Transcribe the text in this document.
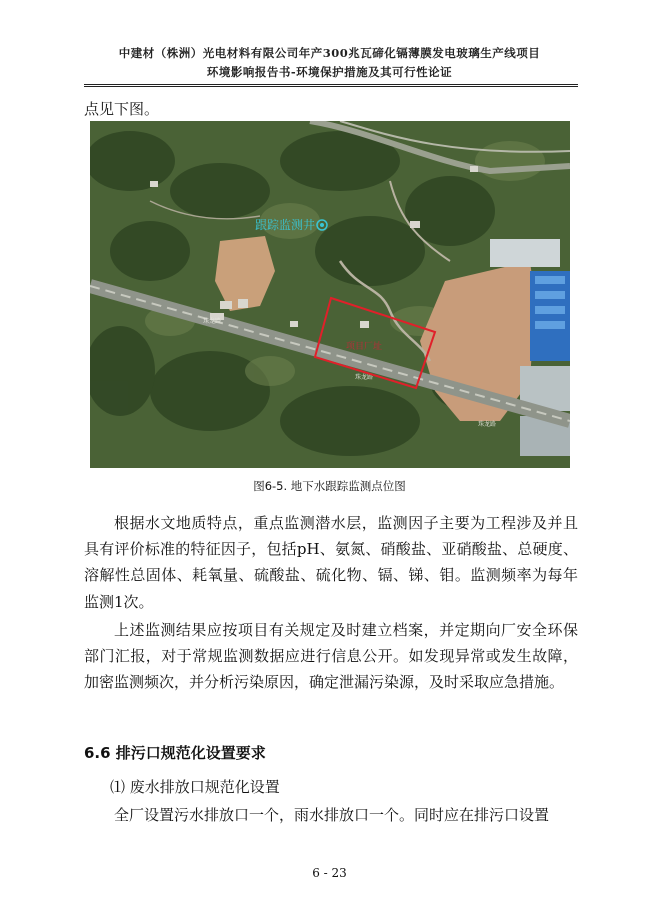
中建材（株洲）光电材料有限公司年产300兆瓦碲化镉薄膜发电玻璃生产线项目
环境影响报告书-环境保护措施及其可行性论证
点见下图。
珠龙路
珠龙路
珠龙路
跟踪监测井
项目厂址
图6-5. 地下水跟踪监测点位图
根据水文地质特点，重点监测潜水层，监测因子主要为工程涉及并且具有评价标准的特征因子，包括pH、氨氮、硝酸盐、亚硝酸盐、总硬度、溶解性总固体、耗氧量、硫酸盐、硫化物、镉、锑、钼。监测频率为每年监测1次。
上述监测结果应按项目有关规定及时建立档案，并定期向厂安全环保部门汇报，对于常规监测数据应进行信息公开。如发现异常或发生故障，加密监测频次，并分析污染原因，确定泄漏污染源，及时采取应急措施。
6.6 排污口规范化设置要求
⑴ 废水排放口规范化设置
全厂设置污水排放口一个，雨水排放口一个。同时应在排污口设置
6 - 23
